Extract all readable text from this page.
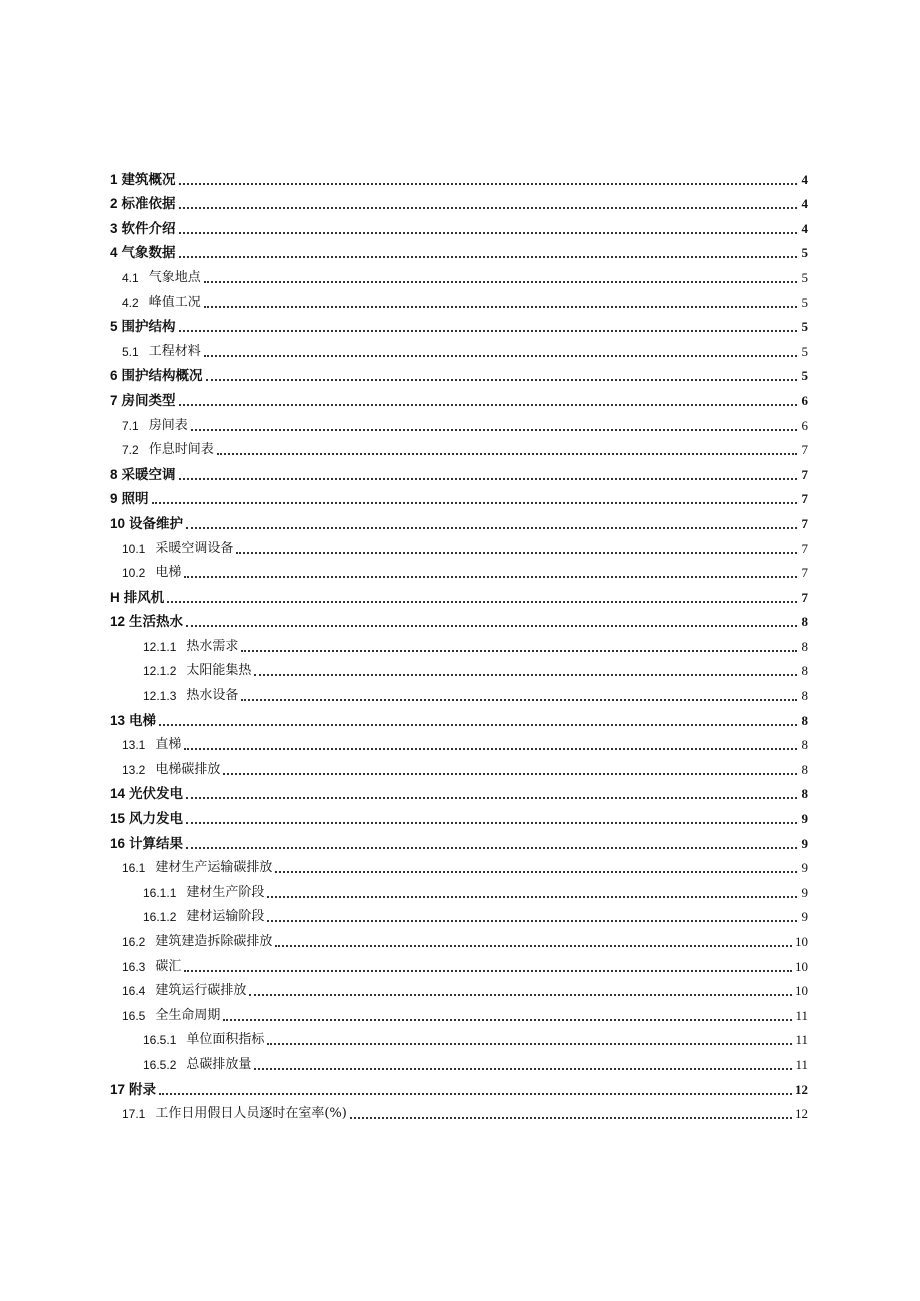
1 建筑概况	4
2 标准依据	4
3 软件介绍	4
4 气象数据	5
4.1 气象地点	5
4.2 峰值工况	5
5 围护结构	5
5.1 工程材料	5
6 围护结构概况	5
7 房间类型	6
7.1 房间表	6
7.2 作息时间表	7
8 采暖空调	7
9 照明	7
10 设备维护	7
10.1 采暖空调设备	7
10.2 电梯	7
H 排风机	7
12 生活热水	8
12.1.1 热水需求	8
12.1.2 太阳能集热	8
12.1.3 热水设备	8
13 电梯	8
13.1 直梯	8
13.2 电梯碳排放	8
14 光伏发电	8
15 风力发电	9
16 计算结果	9
16.1 建材生产运输碳排放	9
16.1.1 建材生产阶段	9
16.1.2 建材运输阶段	9
16.2 建筑建造拆除碳排放	10
16.3 碳汇	10
16.4 建筑运行碳排放	10
16.5 全生命周期	11
16.5.1 单位面积指标	11
16.5.2 总碳排放量	11
17 附录	12
17.1 工作日用假日人员逐时在室率(%)	12
